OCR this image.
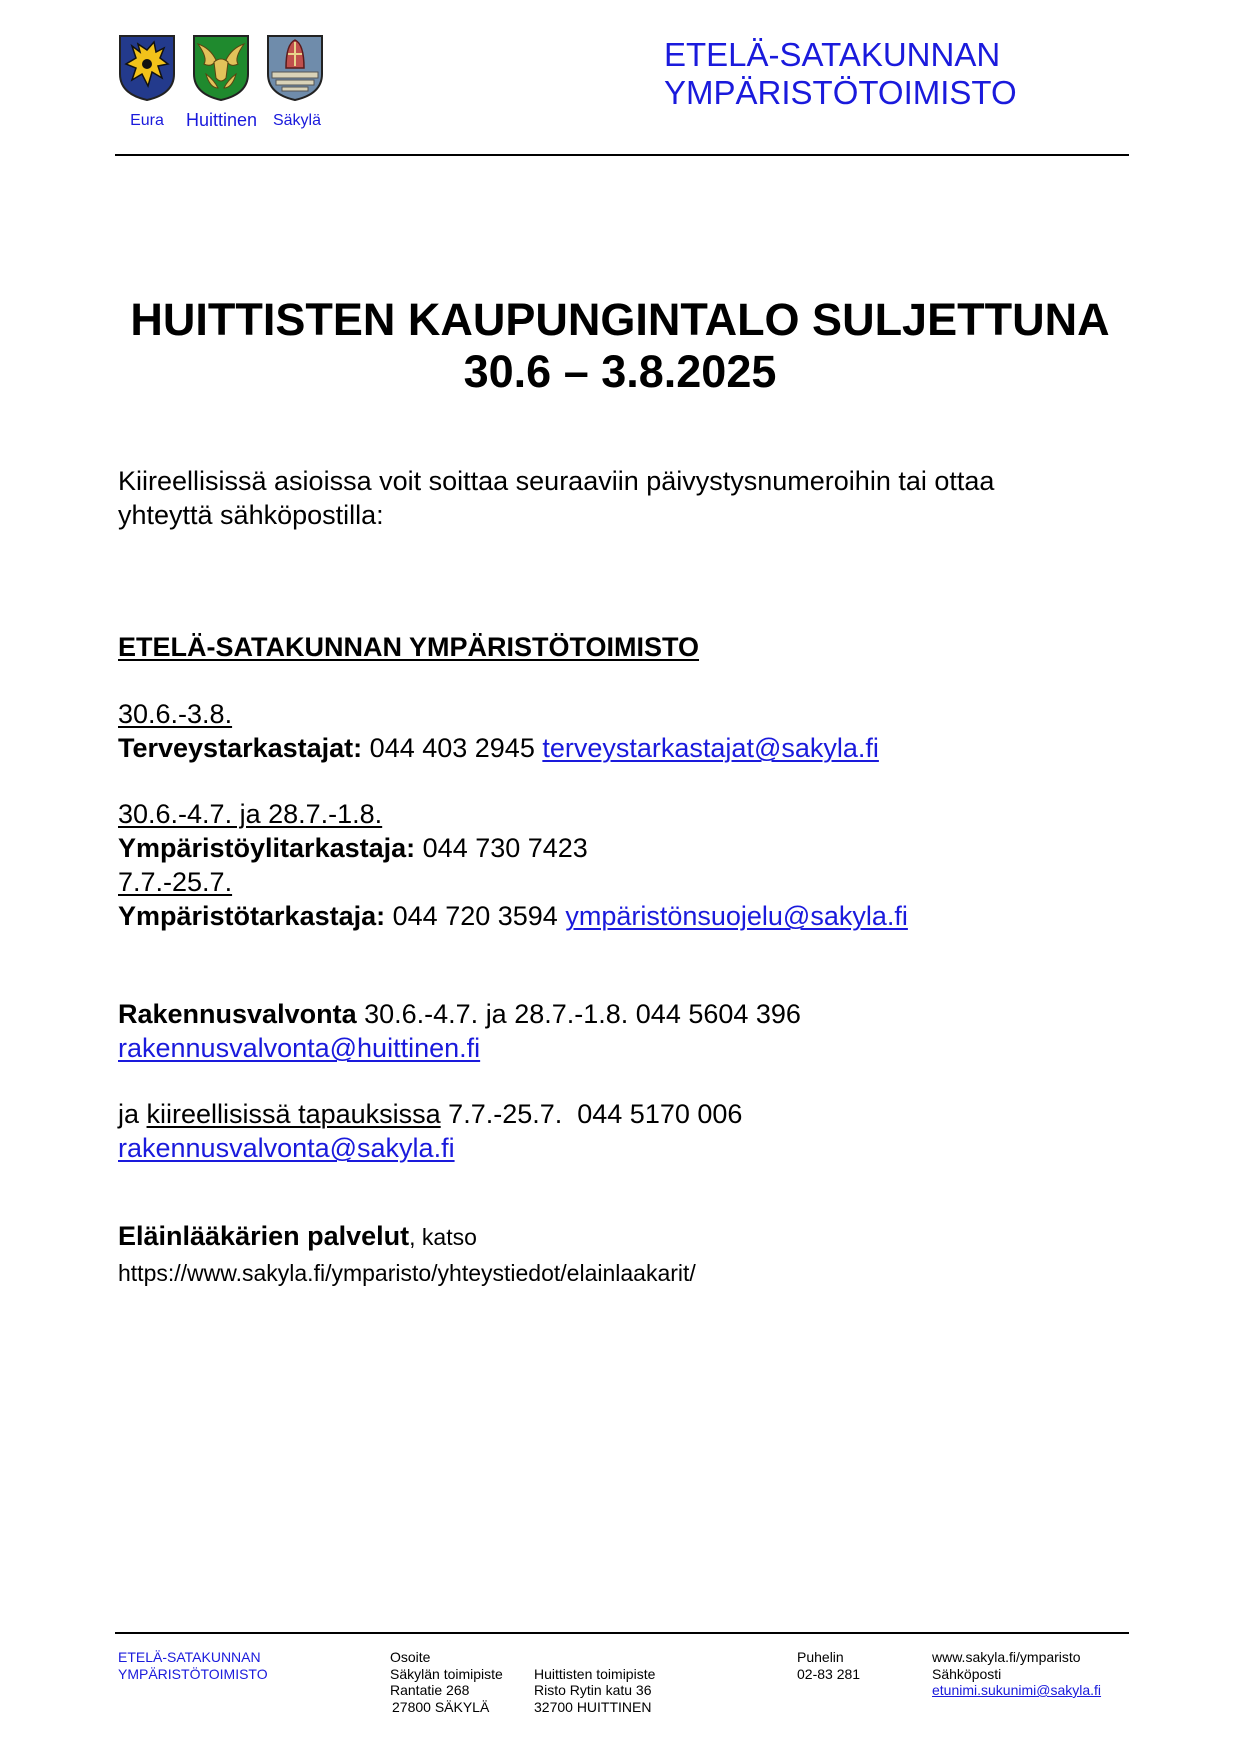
Eura	Huittinen Säkylä
ETELÄ-SATAKUNNAN
YMPÄRISTÖTOIMISTO
HUITTISTEN KAUPUNGINTALO SULJETTUNA
30.6 – 3.8.2025
Kiireellisissä asioissa voit soittaa seuraaviin päivystysnumeroihin tai ottaa
yhteyttä sähköpostilla:
ETELÄ-SATAKUNNAN YMPÄRISTÖTOIMISTO
30.6.-3.8.
Terveystarkastajat: 044 403 2945 terveystarkastajat@sakyla.fi
30.6.-4.7. ja 28.7.-1.8.
Ympäristöylitarkastaja: 044 730 7423
7.7.-25.7.
Ympäristötarkastaja: 044 720 3594 ympäristönsuojelu@sakyla.fi
Rakennusvalvonta 30.6.-4.7. ja 28.7.-1.8. 044 5604 396
rakennusvalvonta@huittinen.fi
ja kiireellisissä tapauksissa 7.7.-25.7.  044 5170 006
rakennusvalvonta@sakyla.fi
Eläinlääkärien palvelut, katso
https://www.sakyla.fi/ymparisto/yhteystiedot/elainlaakarit/
ETELÄ-SATAKUNNAN
YMPÄRISTÖTOIMISTO
Osoite
Säkylän toimipiste
Rantatie 268
27800 SÄKYLÄ

Huittisten toimipiste
Risto Rytin katu 36
32700 HUITTINEN
Puhelin
02-83 281
www.sakyla.fi/ymparisto
Sähköposti
etunimi.sukunimi@sakyla.fi
